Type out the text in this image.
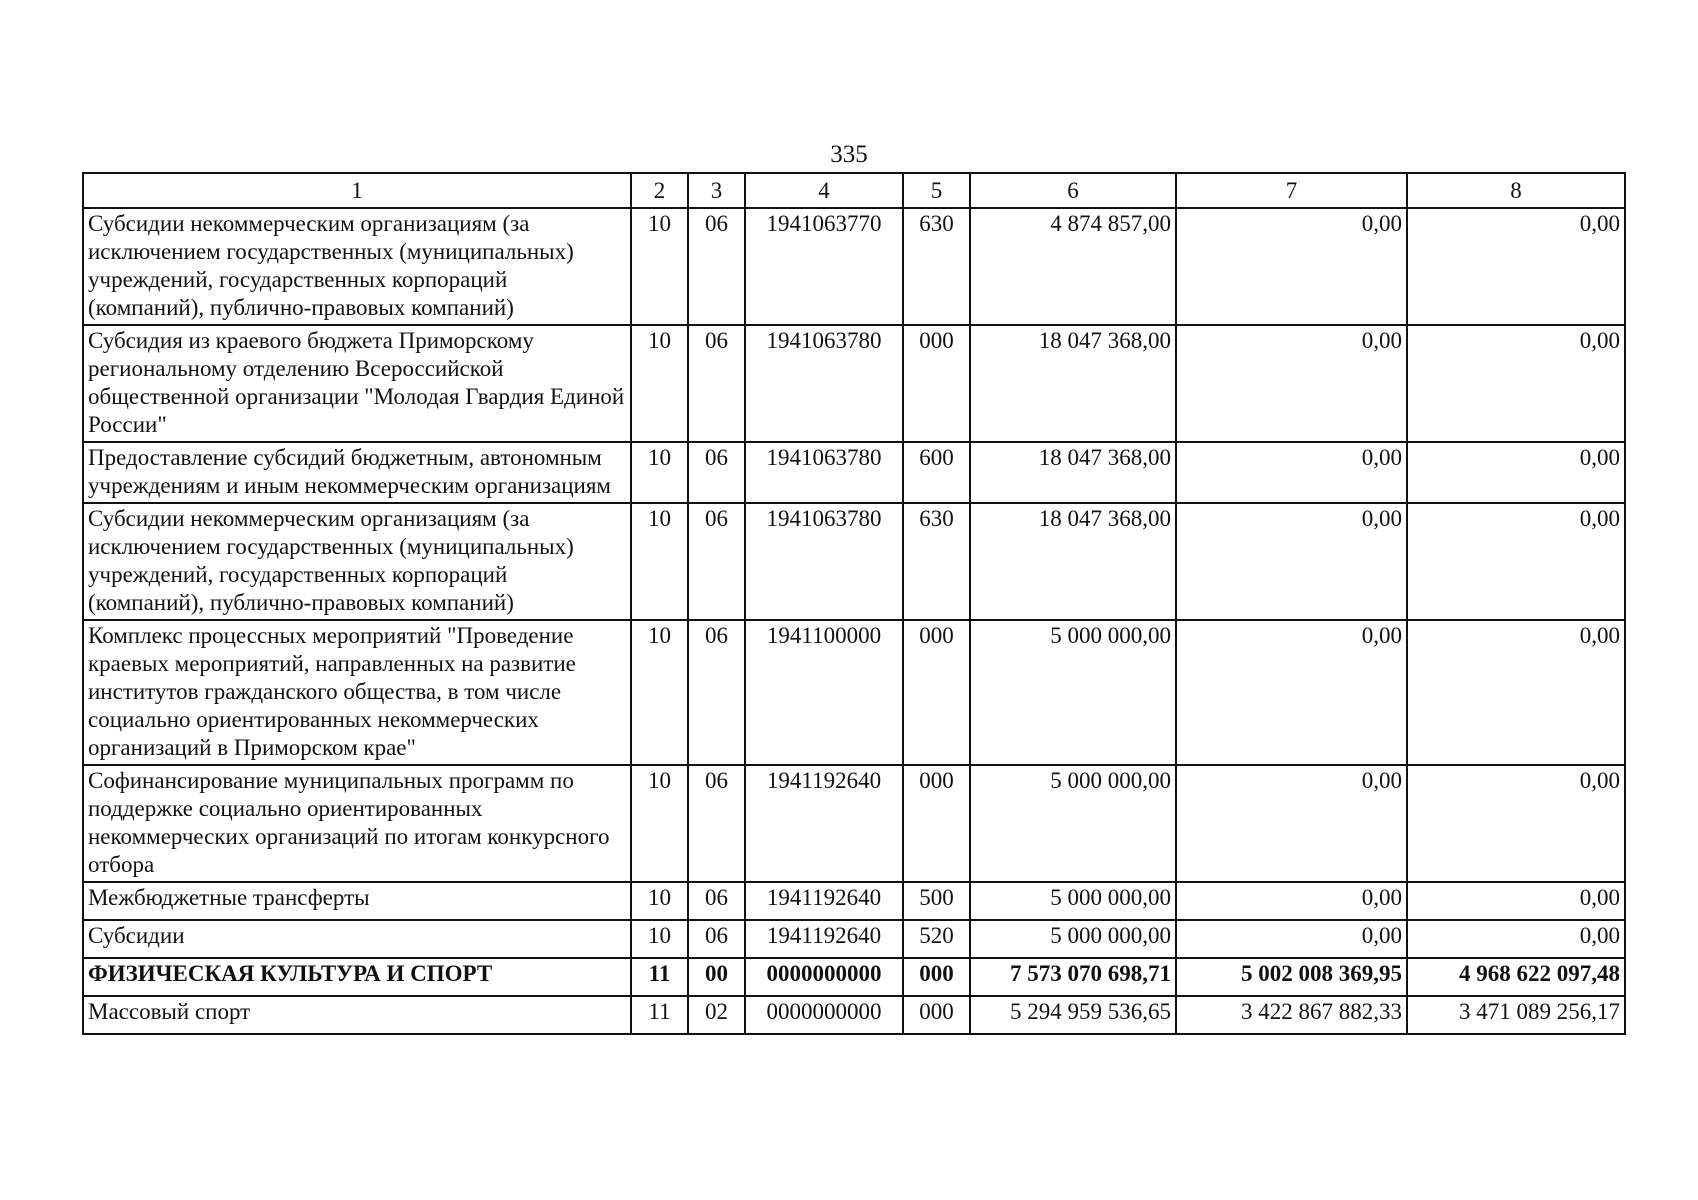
335
1	2	3	4	5	6	7	8
Субсидии некоммерческим организациям (за исключением государственных (муниципальных) учреждений, государственных корпораций (компаний), публично-правовых компаний)	10	06	1941063770	630	4 874 857,00	0,00	0,00
Субсидия из краевого бюджета Приморскому региональному отделению Всероссийской общественной организации "Молодая Гвардия Единой России"	10	06	1941063780	000	18 047 368,00	0,00	0,00
Предоставление субсидий бюджетным, автономным учреждениям и иным некоммерческим организациям	10	06	1941063780	600	18 047 368,00	0,00	0,00
Субсидии некоммерческим организациям (за исключением государственных (муниципальных) учреждений, государственных корпораций (компаний), публично-правовых компаний)	10	06	1941063780	630	18 047 368,00	0,00	0,00
Комплекс процессных мероприятий "Проведение краевых мероприятий, направленных на развитие институтов гражданского общества, в том числе социально ориентированных некоммерческих организаций в Приморском крае"	10	06	1941100000	000	5 000 000,00	0,00	0,00
Софинансирование муниципальных программ по поддержке социально ориентированных некоммерческих организаций по итогам конкурсного отбора	10	06	1941192640	000	5 000 000,00	0,00	0,00
Межбюджетные трансферты	10	06	1941192640	500	5 000 000,00	0,00	0,00
Субсидии	10	06	1941192640	520	5 000 000,00	0,00	0,00
ФИЗИЧЕСКАЯ КУЛЬТУРА И СПОРТ	11	00	0000000000	000	7 573 070 698,71	5 002 008 369,95	4 968 622 097,48
Массовый спорт	11	02	0000000000	000	5 294 959 536,65	3 422 867 882,33	3 471 089 256,17
